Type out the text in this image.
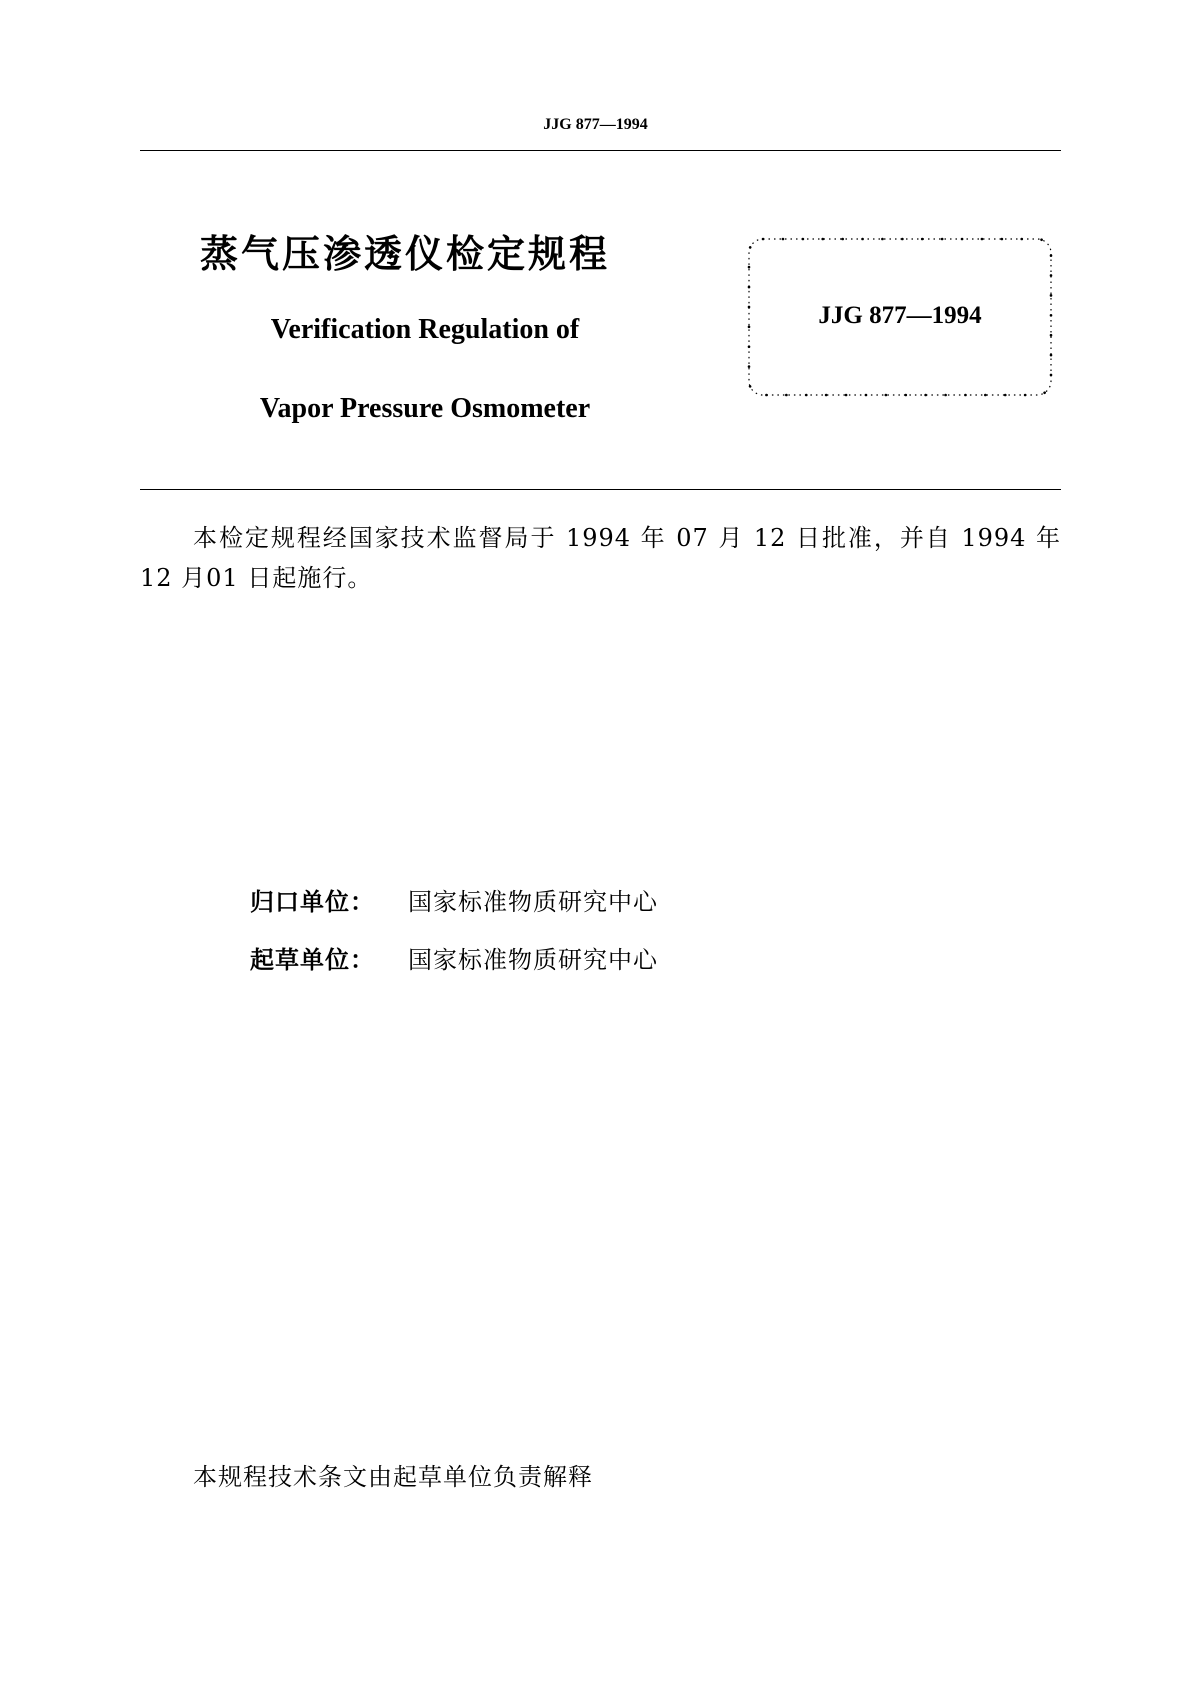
JJG 877—1994
蒸气压渗透仪检定规程
Verification Regulation of
Vapor Pressure Osmometer
JJG 877—1994
本检定规程经国家技术监督局于 1994 年 07 月 12 日批准，并自 1994 年 12 月01 日起施行。
归口单位： 国家标准物质研究中心
起草单位： 国家标准物质研究中心
本规程技术条文由起草单位负责解释
